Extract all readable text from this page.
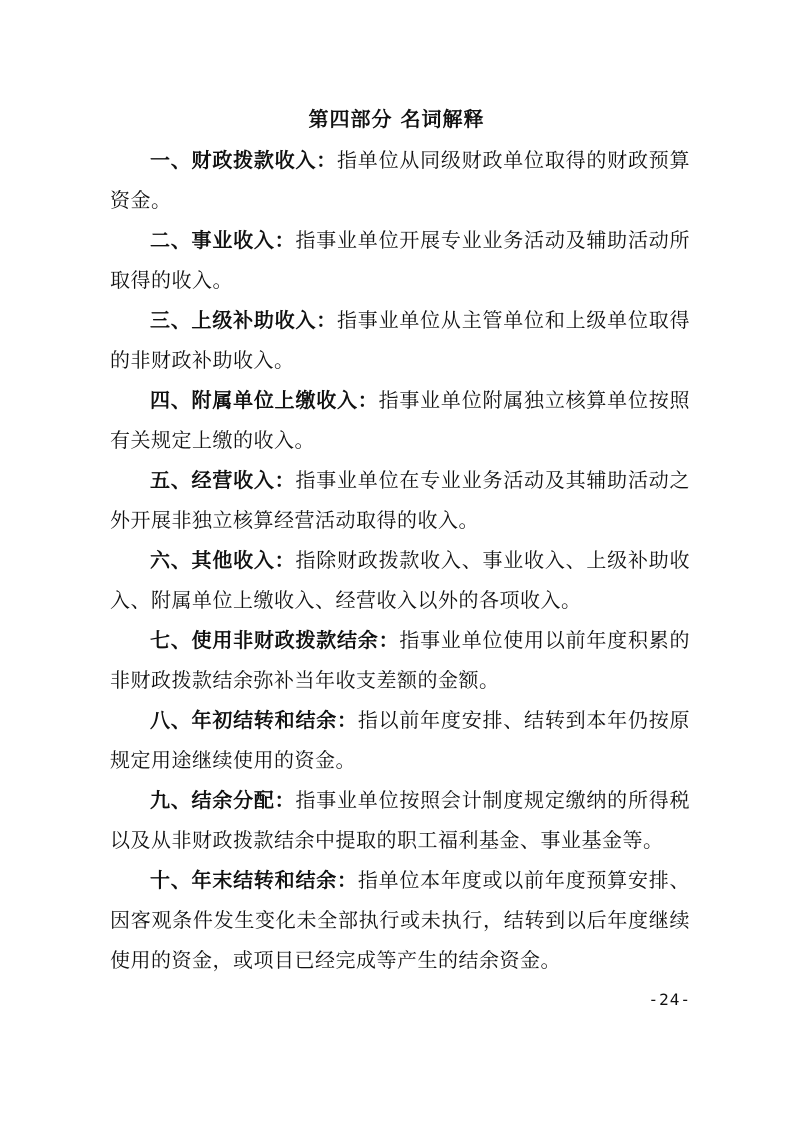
第四部分 名词解释

一、财政拨款收入：指单位从同级财政单位取得的财政预算资金。

二、事业收入：指事业单位开展专业业务活动及辅助活动所取得的收入。

三、上级补助收入：指事业单位从主管单位和上级单位取得的非财政补助收入。

四、附属单位上缴收入：指事业单位附属独立核算单位按照有关规定上缴的收入。

五、经营收入：指事业单位在专业业务活动及其辅助活动之外开展非独立核算经营活动取得的收入。

六、其他收入：指除财政拨款收入、事业收入、上级补助收入、附属单位上缴收入、经营收入以外的各项收入。

七、使用非财政拨款结余：指事业单位使用以前年度积累的非财政拨款结余弥补当年收支差额的金额。

八、年初结转和结余：指以前年度安排、结转到本年仍按原规定用途继续使用的资金。

九、结余分配：指事业单位按照会计制度规定缴纳的所得税以及从非财政拨款结余中提取的职工福利基金、事业基金等。

十、年末结转和结余：指单位本年度或以前年度预算安排、因客观条件发生变化未全部执行或未执行，结转到以后年度继续使用的资金，或项目已经完成等产生的结余资金。

-24-
